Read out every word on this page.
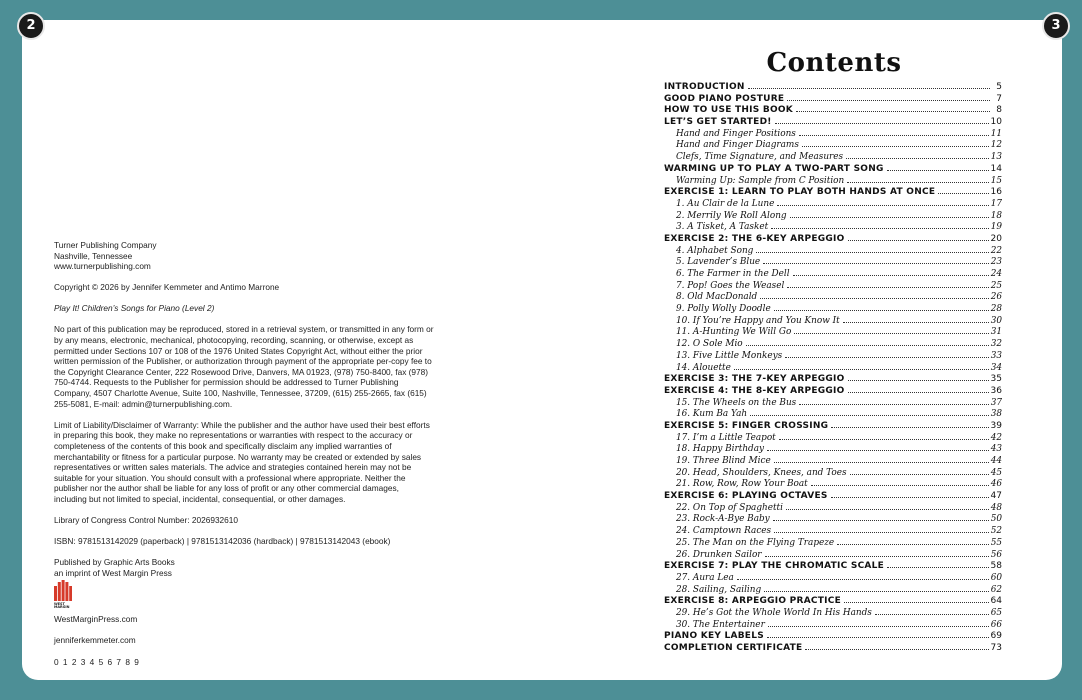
Turner Publishing Company
Nashville, Tennessee
www.turnerpublishing.com

Copyright © 2026 by Jennifer Kemmeter and Antimo Marrone

Play It! Children’s Songs for Piano (Level 2)

No part of this publication may be reproduced, stored in a retrieval system, or transmitted in any form or by any means, electronic, mechanical, photocopying, recording, scanning, or otherwise, except as permitted under Sections 107 or 108 of the 1976 United States Copyright Act, without either the prior written permission of the Publisher, or authorization through payment of the appropriate per-copy fee to the Copyright Clearance Center, 222 Rosewood Drive, Danvers, MA 01923, (978) 750-8400, fax (978) 750-4744. Requests to the Publisher for permission should be addressed to Turner Publishing Company, 4507 Charlotte Avenue, Suite 100, Nashville, Tennessee, 37209, (615) 255-2665, fax (615) 255-5081, E-mail: admin@turnerpublishing.com.

Limit of Liability/Disclaimer of Warranty: While the publisher and the author have used their best efforts in preparing this book, they make no representations or warranties with respect to the accuracy or completeness of the contents of this book and specifically disclaim any implied warranties of merchantability or fitness for a particular purpose. No warranty may be created or extended by sales representatives or written sales materials. The advice and strategies contained herein may not be suitable for your situation. You should consult with a professional where appropriate. Neither the publisher nor the author shall be liable for any loss of profit or any other commercial damages, including but not limited to special, incidental, consequential, or other damages.

Library of Congress Control Number: 2026932610

ISBN: 9781513142029 (paperback) | 9781513142036 (hardback) | 9781513142043 (ebook)

Published by Graphic Arts Books
an imprint of West Margin Press

WEST
MARGIN

WestMarginPress.com

jenniferkemmeter.com

0 1 2 3 4 5 6 7 8 9

Contents
INTRODUCTION	5
GOOD PIANO POSTURE	7
HOW TO USE THIS BOOK	8
LET’S GET STARTED!	10
Hand and Finger Positions	11
Hand and Finger Diagrams	12
Clefs, Time Signature, and Measures	13
WARMING UP TO PLAY A TWO-PART SONG	14
Warming Up: Sample from C Position	15
EXERCISE 1: LEARN TO PLAY BOTH HANDS AT ONCE	16
1. Au Clair de la Lune	17
2. Merrily We Roll Along	18
3. A Tisket, A Tasket	19
EXERCISE 2: THE 6-KEY ARPEGGIO	20
4. Alphabet Song	22
5. Lavender’s Blue	23
6. The Farmer in the Dell	24
7. Pop! Goes the Weasel	25
8. Old MacDonald	26
9. Polly Wolly Doodle	28
10. If You’re Happy and You Know It	30
11. A-Hunting We Will Go	31
12. O Sole Mio	32
13. Five Little Monkeys	33
14. Alouette	34
EXERCISE 3: THE 7-KEY ARPEGGIO	35
EXERCISE 4: THE 8-KEY ARPEGGIO	36
15. The Wheels on the Bus	37
16. Kum Ba Yah	38
EXERCISE 5: FINGER CROSSING	39
17. I’m a Little Teapot	42
18. Happy Birthday	43
19. Three Blind Mice	44
20. Head, Shoulders, Knees, and Toes	45
21. Row, Row, Row Your Boat	46
EXERCISE 6: PLAYING OCTAVES	47
22. On Top of Spaghetti	48
23. Rock-A-Bye Baby	50
24. Camptown Races	52
25. The Man on the Flying Trapeze	55
26. Drunken Sailor	56
EXERCISE 7: PLAY THE CHROMATIC SCALE	58
27. Aura Lea	60
28. Sailing, Sailing	62
EXERCISE 8: ARPEGGIO PRACTICE	64
29. He’s Got the Whole World In His Hands	65
30. The Entertainer	66
PIANO KEY LABELS	69
COMPLETION CERTIFICATE	73
2	3
